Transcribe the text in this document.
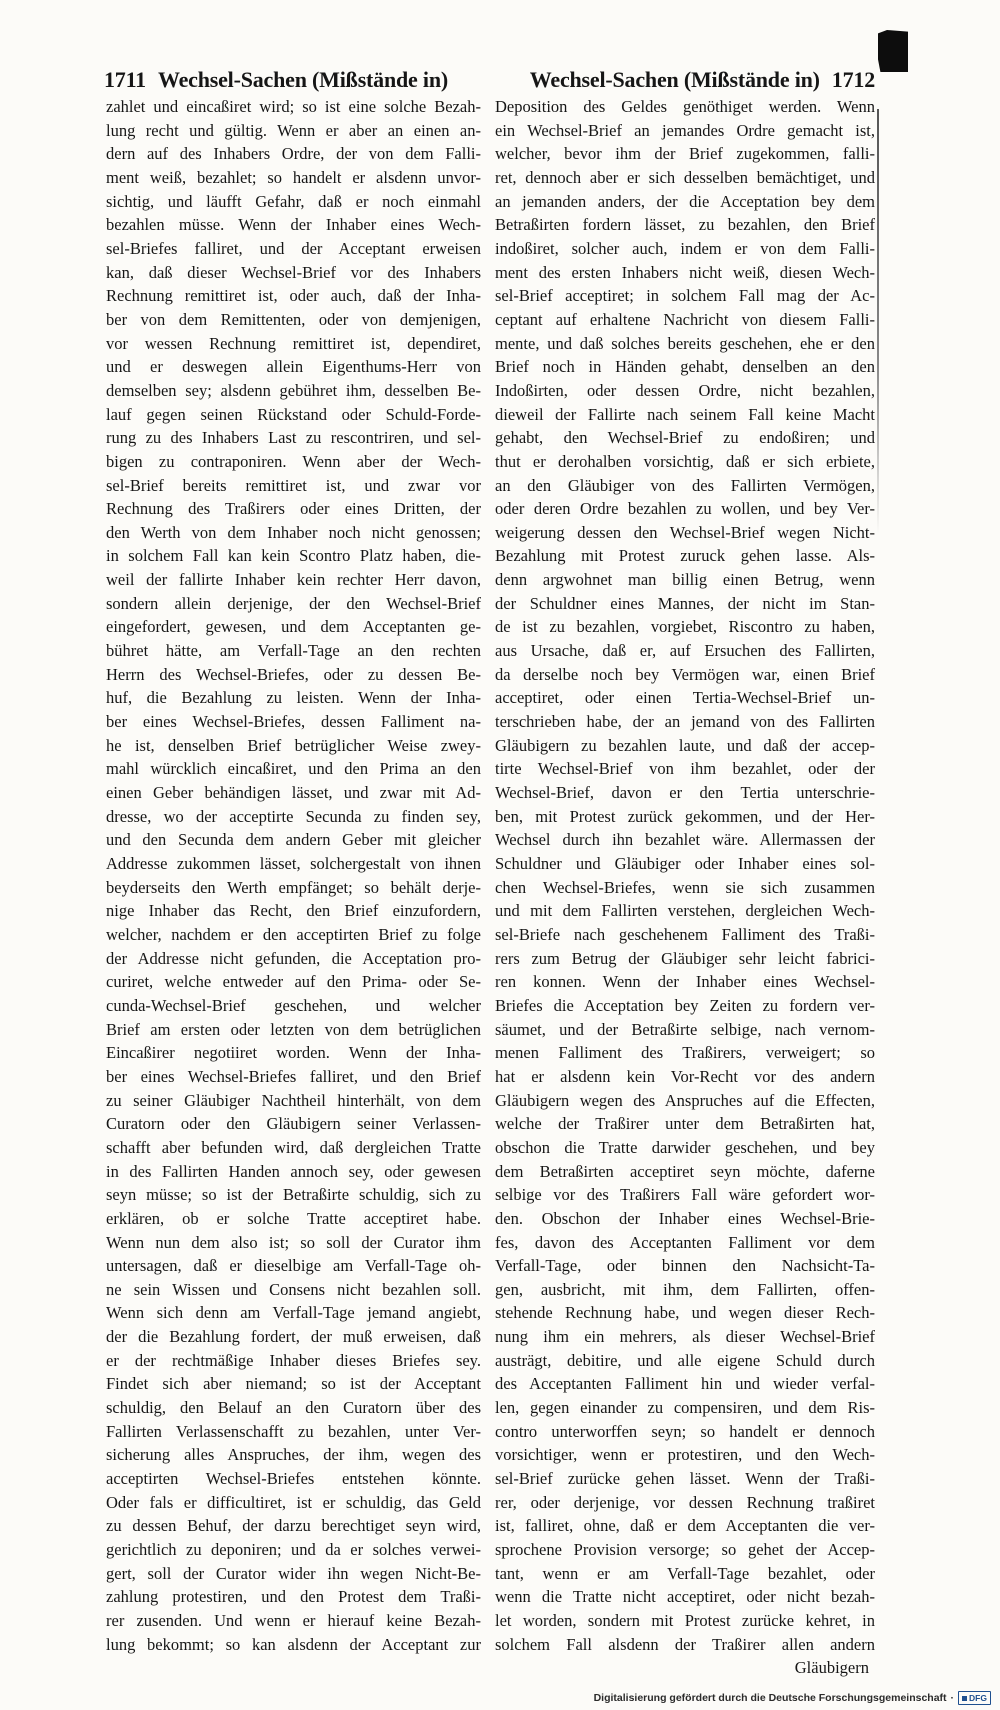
1711 Wechsel-Sachen (Mißstände in)	Wechsel-Sachen (Mißstände in) 1712
zahlet und eincaßiret wird; so ist eine solche Bezah-
lung recht und gültig. Wenn er aber an einen an-
dern auf des Inhabers Ordre, der von dem Falli-
ment weiß, bezahlet; so handelt er alsdenn unvor-
sichtig, und läufft Gefahr, daß er noch einmahl
bezahlen müsse. Wenn der Inhaber eines Wech-
sel-Briefes falliret, und der Acceptant erweisen
kan, daß dieser Wechsel-Brief vor des Inhabers
Rechnung remittiret ist, oder auch, daß der Inha-
ber von dem Remittenten, oder von demjenigen,
vor wessen Rechnung remittiret ist, dependiret,
und er deswegen allein Eigenthums-Herr von
demselben sey; alsdenn gebühret ihm, desselben Be-
lauf gegen seinen Rückstand oder Schuld-Forde-
rung zu des Inhabers Last zu rescontriren, und sel-
bigen zu contraponiren. Wenn aber der Wech-
sel-Brief bereits remittiret ist, und zwar vor
Rechnung des Traßirers oder eines Dritten, der
den Werth von dem Inhaber noch nicht genossen;
in solchem Fall kan kein Scontro Platz haben, die-
weil der fallirte Inhaber kein rechter Herr davon,
sondern allein derjenige, der den Wechsel-Brief
eingefordert, gewesen, und dem Acceptanten ge-
bühret hätte, am Verfall-Tage an den rechten
Herrn des Wechsel-Briefes, oder zu dessen Be-
huf, die Bezahlung zu leisten. Wenn der Inha-
ber eines Wechsel-Briefes, dessen Falliment na-
he ist, denselben Brief betrüglicher Weise zwey-
mahl würcklich eincaßiret, und den Prima an den
einen Geber behändigen lässet, und zwar mit Ad-
dresse, wo der acceptirte Secunda zu finden sey,
und den Secunda dem andern Geber mit gleicher
Addresse zukommen lässet, solchergestalt von ihnen
beyderseits den Werth empfänget; so behält derje-
nige Inhaber das Recht, den Brief einzufordern,
welcher, nachdem er den acceptirten Brief zu folge
der Addresse nicht gefunden, die Acceptation pro-
curiret, welche entweder auf den Prima- oder Se-
cunda-Wechsel-Brief geschehen, und welcher
Brief am ersten oder letzten von dem betrüglichen
Eincaßirer negotiiret worden. Wenn der Inha-
ber eines Wechsel-Briefes falliret, und den Brief
zu seiner Gläubiger Nachtheil hinterhält, von dem
Curatorn oder den Gläubigern seiner Verlassen-
schafft aber befunden wird, daß dergleichen Tratte
in des Fallirten Handen annoch sey, oder gewesen
seyn müsse; so ist der Betraßirte schuldig, sich zu
erklären, ob er solche Tratte acceptiret habe.
Wenn nun dem also ist; so soll der Curator ihm
untersagen, daß er dieselbige am Verfall-Tage oh-
ne sein Wissen und Consens nicht bezahlen soll.
Wenn sich denn am Verfall-Tage jemand angiebt,
der die Bezahlung fordert, der muß erweisen, daß
er der rechtmäßige Inhaber dieses Briefes sey.
Findet sich aber niemand; so ist der Acceptant
schuldig, den Belauf an den Curatorn über des
Fallirten Verlassenschafft zu bezahlen, unter Ver-
sicherung alles Anspruches, der ihm, wegen des
acceptirten Wechsel-Briefes entstehen könnte.
Oder fals er difficultiret, ist er schuldig, das Geld
zu dessen Behuf, der darzu berechtiget seyn wird,
gerichtlich zu deponiren; und da er solches verwei-
gert, soll der Curator wider ihn wegen Nicht-Be-
zahlung protestiren, und den Protest dem Traßi-
rer zusenden. Und wenn er hierauf keine Bezah-
lung bekommt; so kan alsdenn der Acceptant zur
Deposition des Geldes genöthiget werden. Wenn
ein Wechsel-Brief an jemandes Ordre gemacht ist,
welcher, bevor ihm der Brief zugekommen, falli-
ret, dennoch aber er sich desselben bemächtiget, und
an jemanden anders, der die Acceptation bey dem
Betraßirten fordern lässet, zu bezahlen, den Brief
indoßiret, solcher auch, indem er von dem Falli-
ment des ersten Inhabers nicht weiß, diesen Wech-
sel-Brief acceptiret; in solchem Fall mag der Ac-
ceptant auf erhaltene Nachricht von diesem Falli-
mente, und daß solches bereits geschehen, ehe er den
Brief noch in Händen gehabt, denselben an den
Indoßirten, oder dessen Ordre, nicht bezahlen,
dieweil der Fallirte nach seinem Fall keine Macht
gehabt, den Wechsel-Brief zu endoßiren; und
thut er derohalben vorsichtig, daß er sich erbiete,
an den Gläubiger von des Fallirten Vermögen,
oder deren Ordre bezahlen zu wollen, und bey Ver-
weigerung dessen den Wechsel-Brief wegen Nicht-
Bezahlung mit Protest zuruck gehen lasse. Als-
denn argwohnet man billig einen Betrug, wenn
der Schuldner eines Mannes, der nicht im Stan-
de ist zu bezahlen, vorgiebet, Riscontro zu haben,
aus Ursache, daß er, auf Ersuchen des Fallirten,
da derselbe noch bey Vermögen war, einen Brief
acceptiret, oder einen Tertia-Wechsel-Brief un-
terschrieben habe, der an jemand von des Fallirten
Gläubigern zu bezahlen laute, und daß der accep-
tirte Wechsel-Brief von ihm bezahlet, oder der
Wechsel-Brief, davon er den Tertia unterschrie-
ben, mit Protest zurück gekommen, und der Her-
Wechsel durch ihn bezahlet wäre. Allermassen der
Schuldner und Gläubiger oder Inhaber eines sol-
chen Wechsel-Briefes, wenn sie sich zusammen
und mit dem Fallirten verstehen, dergleichen Wech-
sel-Briefe nach geschehenem Falliment des Traßi-
rers zum Betrug der Gläubiger sehr leicht fabrici-
ren konnen. Wenn der Inhaber eines Wechsel-
Briefes die Acceptation bey Zeiten zu fordern ver-
säumet, und der Betraßirte selbige, nach vernom-
menen Falliment des Traßirers, verweigert; so
hat er alsdenn kein Vor-Recht vor des andern
Gläubigern wegen des Anspruches auf die Effecten,
welche der Traßirer unter dem Betraßirten hat,
obschon die Tratte darwider geschehen, und bey
dem Betraßirten acceptiret seyn möchte, daferne
selbige vor des Traßirers Fall wäre gefordert wor-
den. Obschon der Inhaber eines Wechsel-Brie-
fes, davon des Acceptanten Falliment vor dem
Verfall-Tage, oder binnen den Nachsicht-Ta-
gen, ausbricht, mit ihm, dem Fallirten, offen-
stehende Rechnung habe, und wegen dieser Rech-
nung ihm ein mehrers, als dieser Wechsel-Brief
austrägt, debitire, und alle eigene Schuld durch
des Acceptanten Falliment hin und wieder verfal-
len, gegen einander zu compensiren, und dem Ris-
contro unterworffen seyn; so handelt er dennoch
vorsichtiger, wenn er protestiren, und den Wech-
sel-Brief zurücke gehen lässet. Wenn der Traßi-
rer, oder derjenige, vor dessen Rechnung traßiret
ist, falliret, ohne, daß er dem Acceptanten die ver-
sprochene Provision versorge; so gehet der Accep-
tant, wenn er am Verfall-Tage bezahlet, oder
wenn die Tratte nicht acceptiret, oder nicht bezah-
let worden, sondern mit Protest zurücke kehret, in
solchem Fall alsdenn der Traßirer allen andern
Gläubigern
Digitalisierung gefördert durch die Deutsche Forschungsgemeinschaft · DFG
